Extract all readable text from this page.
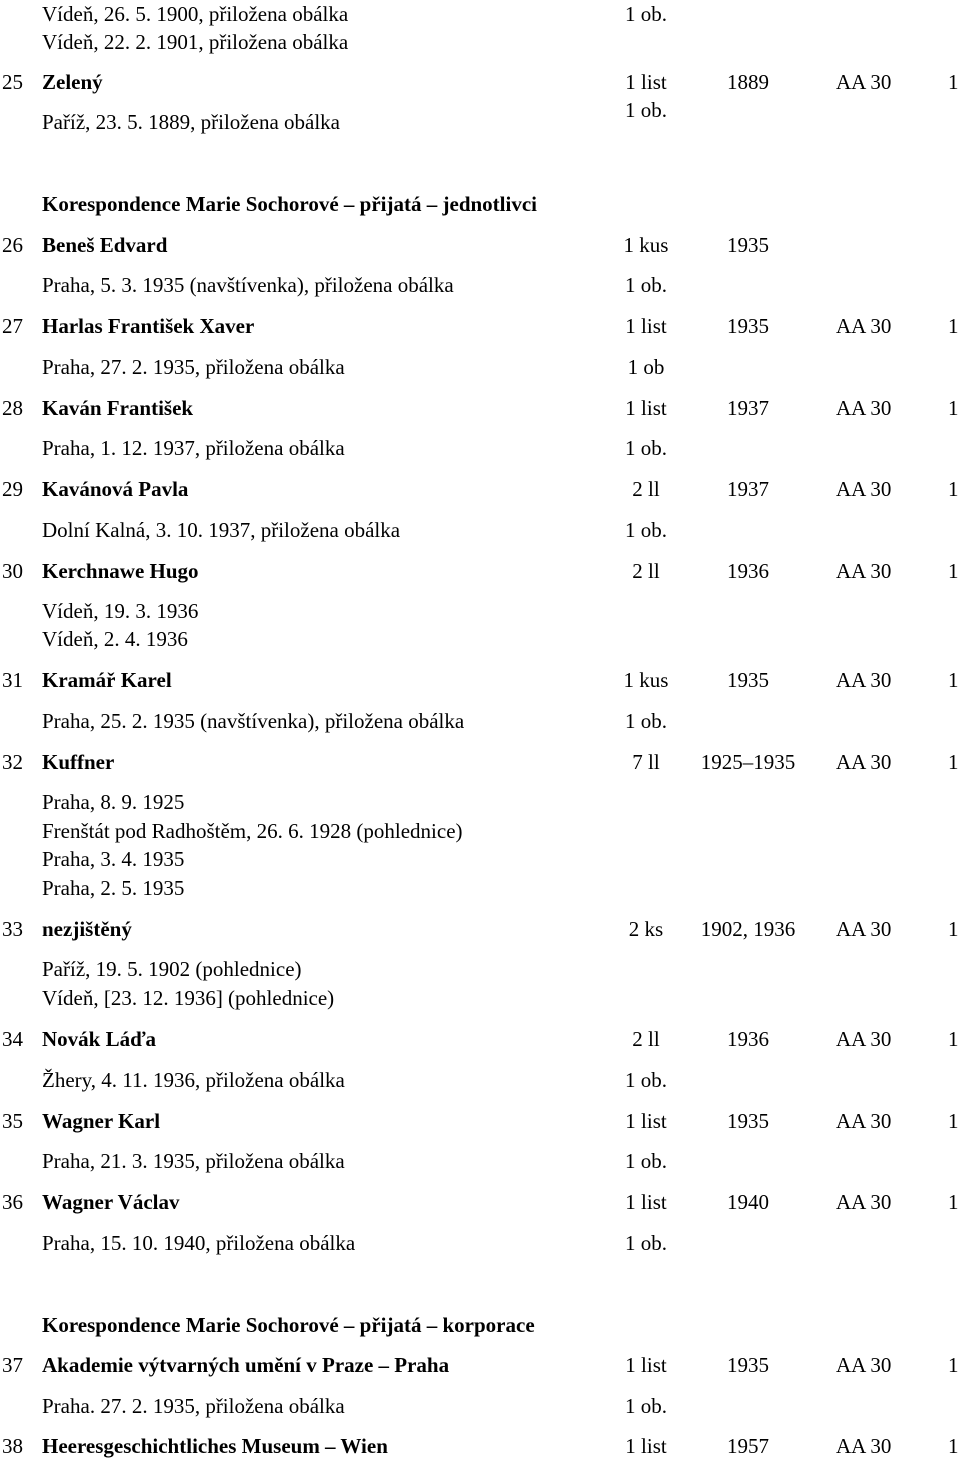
Vídeň, 26. 5. 1900, přiložena obálka	1 ob.
Vídeň, 22. 2. 1901, přiložena obálka
25 Zelený	1 list	1889	AA 30	1
Paříž, 23. 5. 1889, přiložena obálka	1 ob.
Korespondence Marie Sochorové – přijatá – jednotlivci
26 Beneš Edvard	1 kus	1935
Praha, 5. 3. 1935 (navštívenka), přiložena obálka	1 ob.
27 Harlas František Xaver	1 list	1935	AA 30	1
Praha, 27. 2. 1935, přiložena obálka	1 ob
28 Kaván František	1 list	1937	AA 30	1
Praha, 1. 12. 1937, přiložena obálka	1 ob.
29 Kavánová Pavla	2 ll	1937	AA 30	1
Dolní Kalná, 3. 10. 1937, přiložena obálka	1 ob.
30 Kerchnawe Hugo	2 ll	1936	AA 30	1
Vídeň, 19. 3. 1936
Vídeň, 2. 4. 1936
31 Kramář Karel	1 kus	1935	AA 30	1
Praha, 25. 2. 1935 (navštívenka), přiložena obálka	1 ob.
32 Kuffner	7 ll	1925–1935	AA 30	1
Praha, 8. 9. 1925
Frenštát pod Radhoštěm, 26. 6. 1928 (pohlednice)
Praha, 3. 4. 1935
Praha, 2. 5. 1935
33 nezjištěný	2 ks	1902, 1936	AA 30	1
Paříž, 19. 5. 1902 (pohlednice)
Vídeň, [23. 12. 1936] (pohlednice)
34 Novák Láďa	2 ll	1936	AA 30	1
Žhery, 4. 11. 1936, přiložena obálka	1 ob.
35 Wagner Karl	1 list	1935	AA 30	1
Praha, 21. 3. 1935, přiložena obálka	1 ob.
36 Wagner Václav	1 list	1940	AA 30	1
Praha, 15. 10. 1940, přiložena obálka	1 ob.
Korespondence Marie Sochorové – přijatá – korporace
37 Akademie výtvarných umění v Praze – Praha	1 list	1935	AA 30	1
Praha. 27. 2. 1935, přiložena obálka	1 ob.
38 Heeresgeschichtliches Museum – Wien	1 list	1957	AA 30	1
